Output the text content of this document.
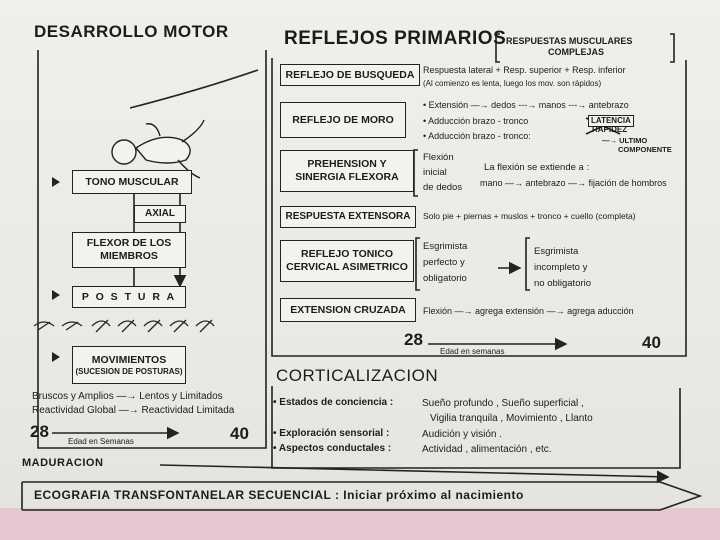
DESARROLLO MOTOR
TONO MUSCULAR
AXIAL
FLEXOR DE LOS MIEMBROS
P O S T U R A
MOVIMIENTOS
(SUCESION DE POSTURAS)
Bruscos y Amplios —→ Lentos y Limitados
Reactividad Global —→ Reactividad Limitada
28	40
Edad en Semanas
REFLEJOS PRIMARIOS RESPUESTAS MUSCULARES
COMPLEJAS
REFLEJO DE BUSQUEDA Respuesta lateral + Resp. superior + Resp. inferior
(Al comienzo es lenta, luego los mov. son rápidos)
REFLEJO DE MORO
• Extensión —→ dedos ---→ manos ---→ antebrazo
• Adducción brazo - tronco
• Adducción brazo - tronco:
LATENCIA
RAPIDEZ
—→ ULTIMO
COMPONENTE
PREHENSION Y SINERGIA FLEXORA
Flexión
inicial
de dedos
La flexión se extiende a :
mano —→ antebrazo —→ fijación de hombros
RESPUESTA EXTENSORA	Solo pie + piernas + muslos + tronco + cuello (completa)
REFLEJO TONICO CERVICAL ASIMETRICO
Esgrimista
perfecto y
obligatorio
Esgrimista
incompleto y
no obligatorio
EXTENSION CRUZADA	Flexión —→ agrega extensión —→ agrega aducción
28	40
Edad en semanas
CORTICALIZACION
• Estados de conciencia :	Sueño profundo , Sueño superficial ,
Vigilia tranquila , Movimiento , Llanto
• Exploración sensorial :	Audición y visión .
• Aspectos conductales :	Actividad , alimentación , etc.
MADURACION
ECOGRAFIA TRANSFONTANELAR SECUENCIAL : Iniciar próximo al nacimiento
